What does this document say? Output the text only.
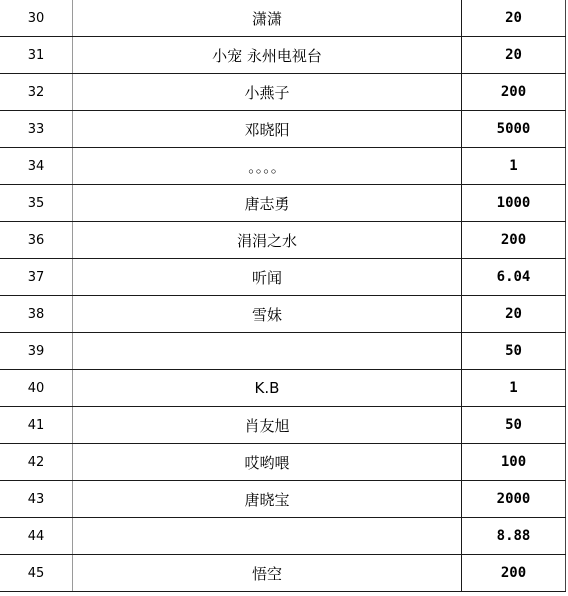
30	潇潇	20
31	小宠 永州电视台	20
32	小燕子	200
33	邓晓阳	5000
34	。。。。	1
35	唐志勇	1000
36	涓涓之水	200
37	听闻	6.04
38	雪妹	20
39		50
40	K.B	1
41	肖友旭	50
42	哎哟喂	100
43	唐晓宝	2000
44		8.88
45	悟空	200
